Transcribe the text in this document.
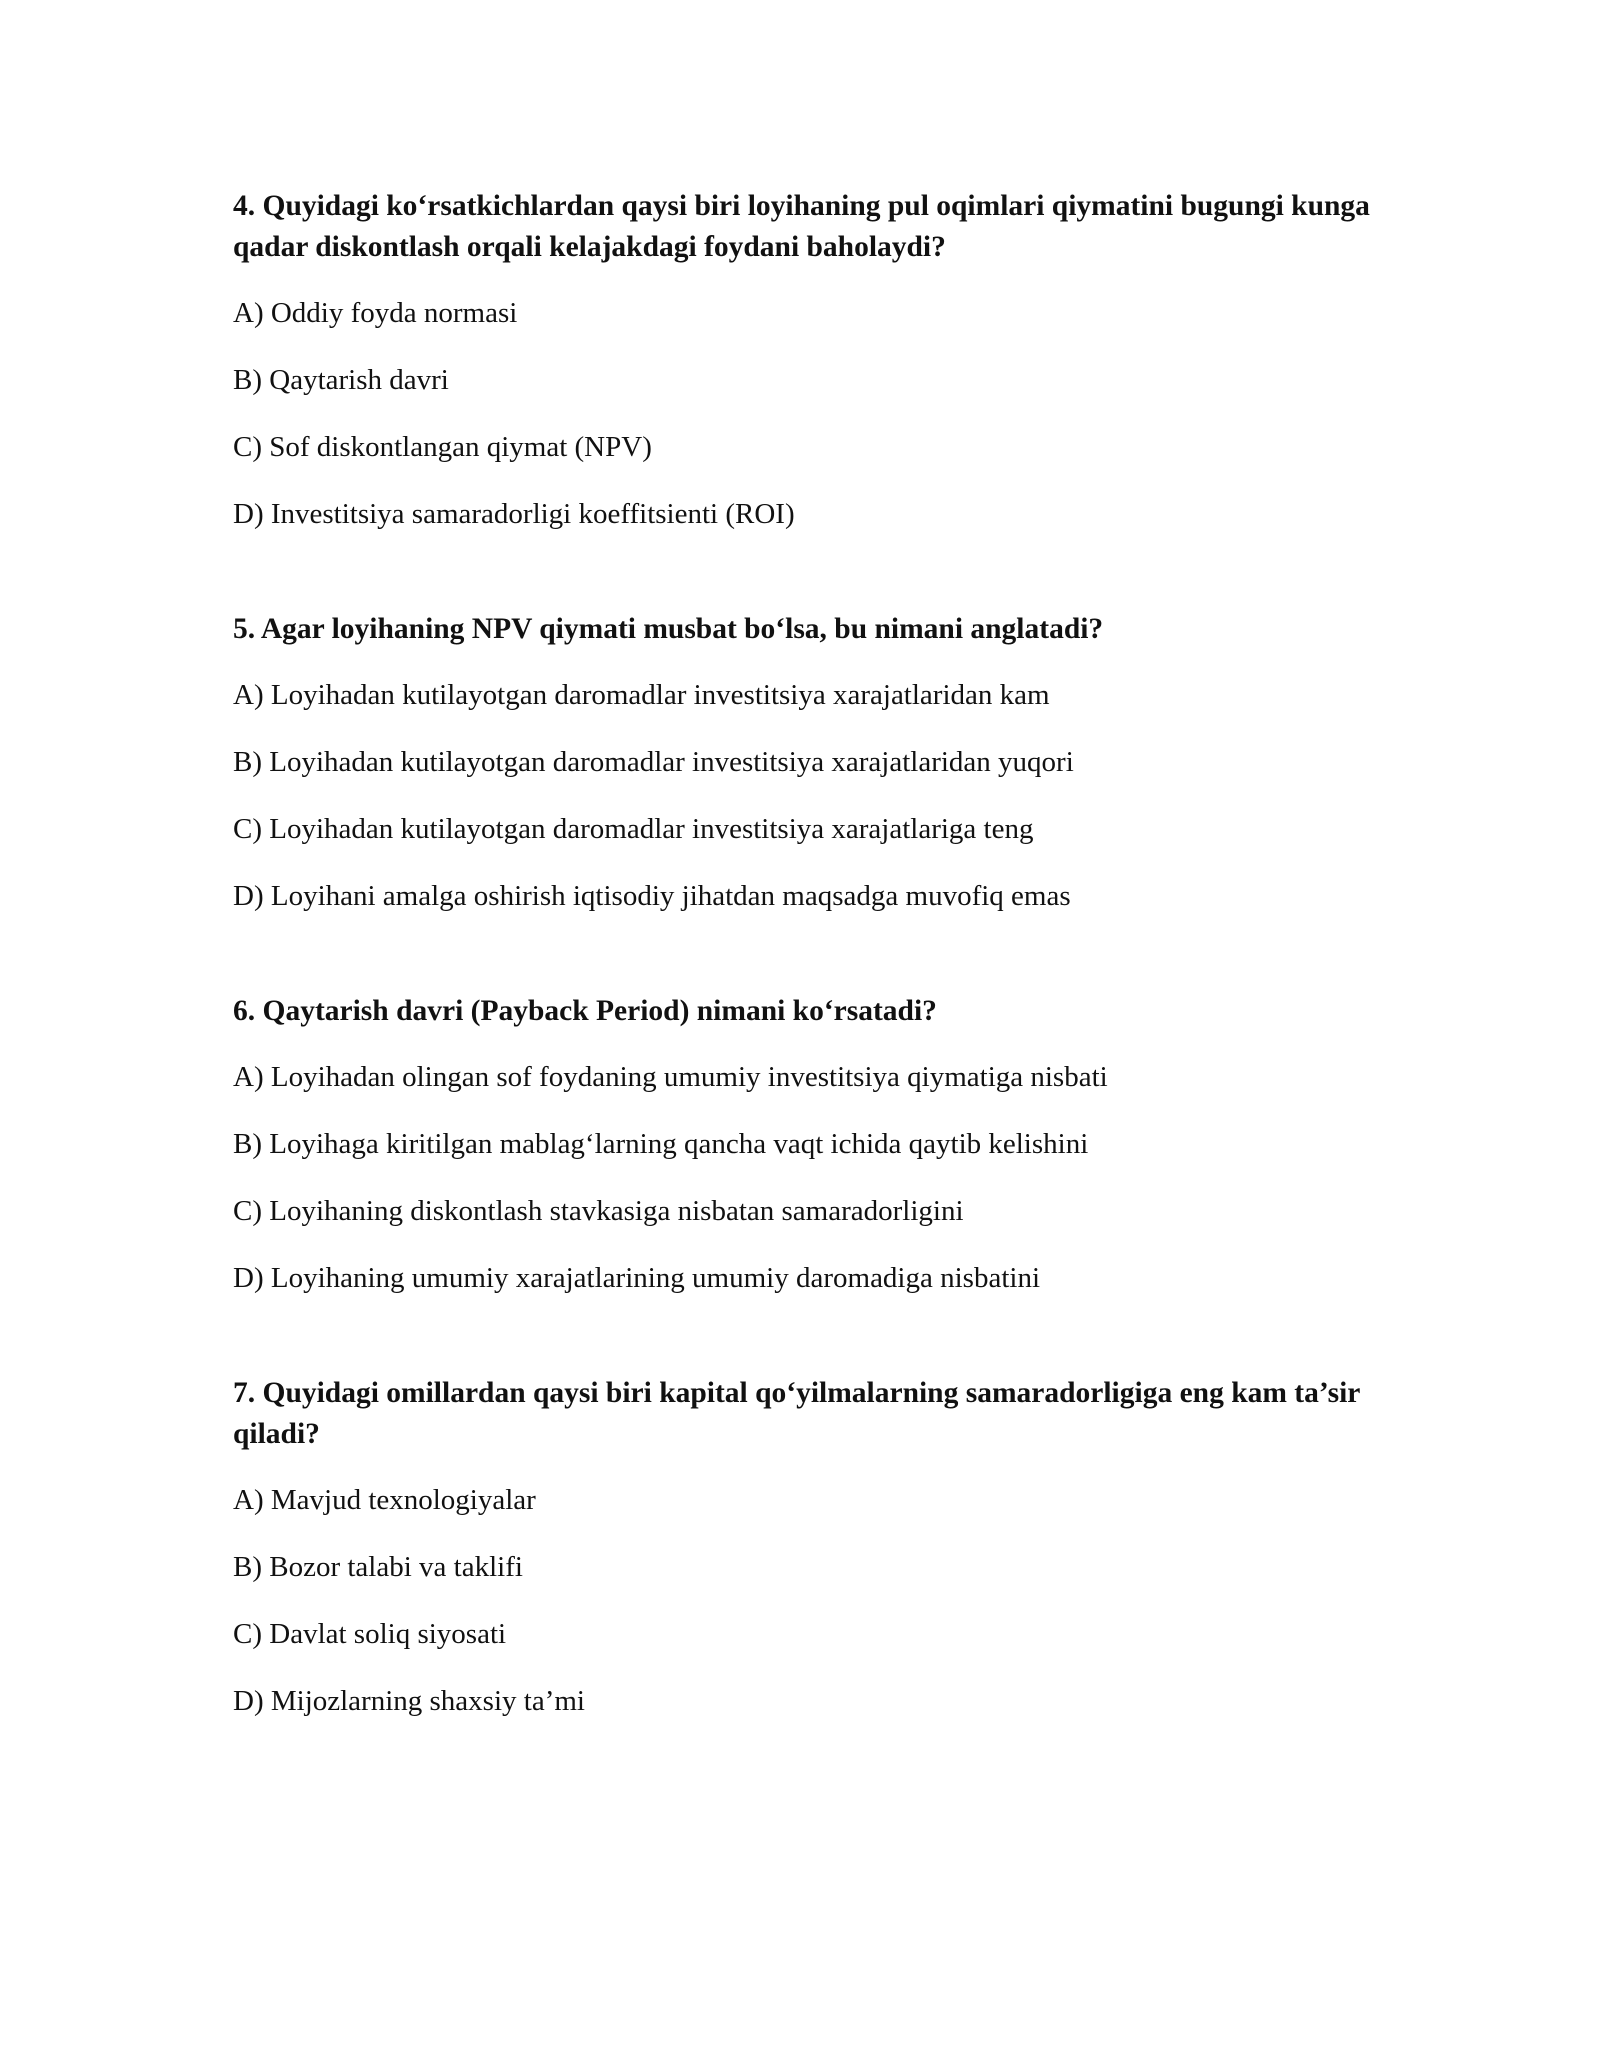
4. Quyidagi ko‘rsatkichlardan qaysi biri loyihaning pul oqimlari qiymatini bugungi kunga qadar diskontlash orqali kelajakdagi foydani baholaydi?

A) Oddiy foyda normasi

B) Qaytarish davri

C) Sof diskontlangan qiymat (NPV)

D) Investitsiya samaradorligi koeffitsienti (ROI)

5. Agar loyihaning NPV qiymati musbat bo‘lsa, bu nimani anglatadi?

A) Loyihadan kutilayotgan daromadlar investitsiya xarajatlaridan kam

B) Loyihadan kutilayotgan daromadlar investitsiya xarajatlaridan yuqori

C) Loyihadan kutilayotgan daromadlar investitsiya xarajatlariga teng

D) Loyihani amalga oshirish iqtisodiy jihatdan maqsadga muvofiq emas

6. Qaytarish davri (Payback Period) nimani ko‘rsatadi?

A) Loyihadan olingan sof foydaning umumiy investitsiya qiymatiga nisbati

B) Loyihaga kiritilgan mablag‘larning qancha vaqt ichida qaytib kelishini

C) Loyihaning diskontlash stavkasiga nisbatan samaradorligini

D) Loyihaning umumiy xarajatlarining umumiy daromadiga nisbatini

7. Quyidagi omillardan qaysi biri kapital qo‘yilmalarning samaradorligiga eng kam ta’sir qiladi?

A) Mavjud texnologiyalar

B) Bozor talabi va taklifi

C) Davlat soliq siyosati

D) Mijozlarning shaxsiy ta’mi
